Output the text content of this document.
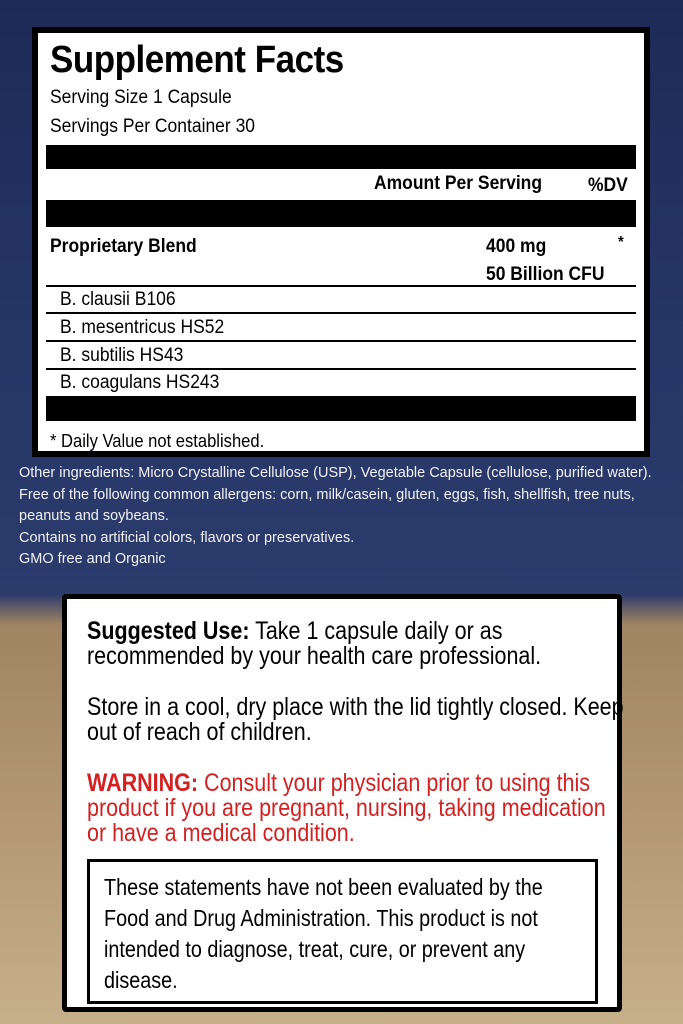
Supplement Facts
Serving Size 1 Capsule
Servings Per Container 30
Amount Per Serving %DV
Proprietary Blend	400 mg
50 Billion CFU
*
B. clausii B106
B. mesentricus HS52
B. subtilis HS43
B. coagulans HS243
* Daily Value not established.

Other ingredients: Micro Crystalline Cellulose (USP), Vegetable Capsule (cellulose, purified water).

Free of the following common allergens: corn, milk/casein, gluten, eggs, fish, shellfish, tree nuts, peanuts and soybeans.

Contains no artificial colors, flavors or preservatives.

GMO free and Organic

Suggested Use: Take 1 capsule daily or as recommended by your health care professional.
Store in a cool, dry place with the lid tightly closed. Keep out of reach of children.
WARNING: Consult your physician prior to using this product if you are pregnant, nursing, taking medication or have a medical condition.
These statements have not been evaluated by the Food and Drug Administration. This product is not intended to diagnose, treat, cure, or prevent any disease.
